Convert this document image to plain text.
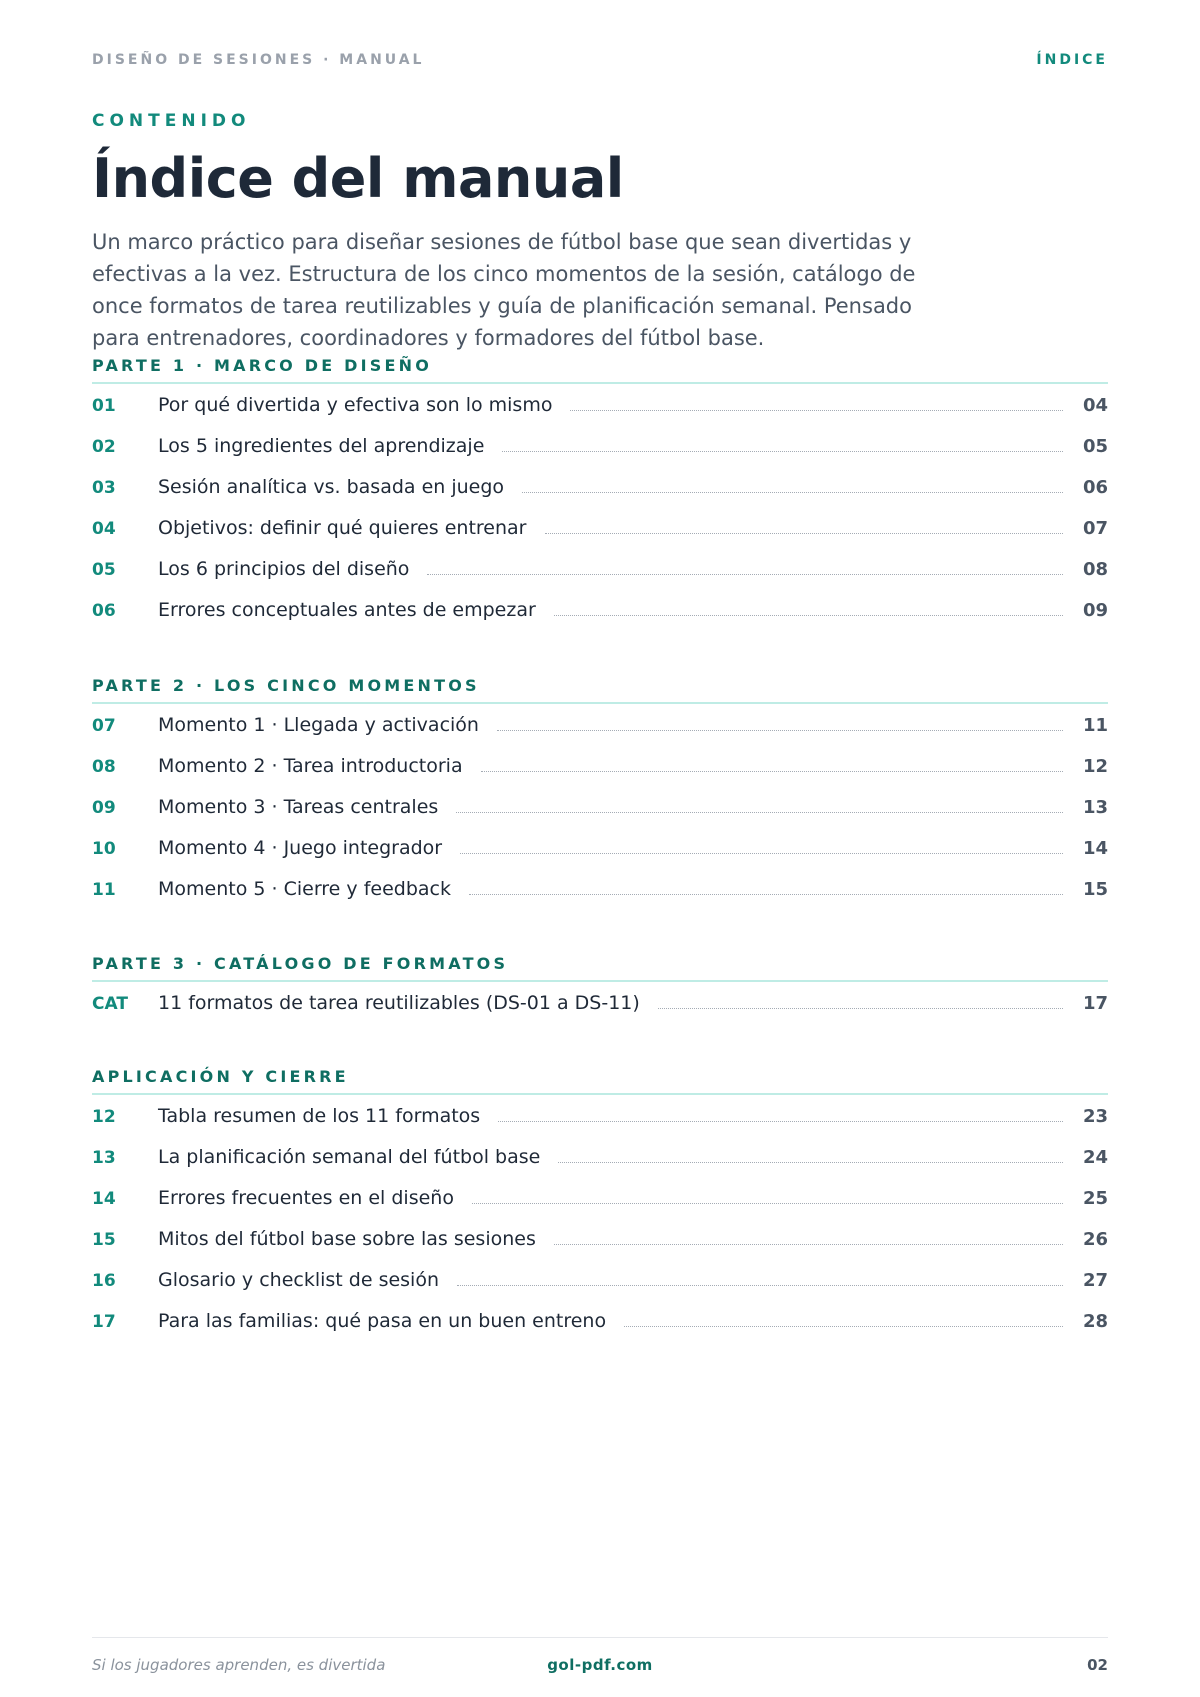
DISEÑO DE SESIONES · MANUAL	ÍNDICE
CONTENIDO
Índice del manual

Un marco práctico para diseñar sesiones de fútbol base que sean divertidas y efectivas a la vez. Estructura de los cinco momentos de la sesión, catálogo de once formatos de tarea reutilizables y guía de planificación semanal. Pensado para entrenadores, coordinadores y formadores del fútbol base.

PARTE 1 · MARCO DE DISEÑO
01	Por qué divertida y efectiva son lo mismo	04
02	Los 5 ingredientes del aprendizaje	05
03	Sesión analítica vs. basada en juego	06
04	Objetivos: definir qué quieres entrenar	07
05	Los 6 principios del diseño	08
06	Errores conceptuales antes de empezar	09
PARTE 2 · LOS CINCO MOMENTOS
07	Momento 1 · Llegada y activación	11
08	Momento 2 · Tarea introductoria	12
09	Momento 3 · Tareas centrales	13
10	Momento 4 · Juego integrador	14
11	Momento 5 · Cierre y feedback	15
PARTE 3 · CATÁLOGO DE FORMATOS
CAT	11 formatos de tarea reutilizables (DS-01 a DS-11)	17
APLICACIÓN Y CIERRE
12	Tabla resumen de los 11 formatos	23
13	La planificación semanal del fútbol base	24
14	Errores frecuentes en el diseño	25
15	Mitos del fútbol base sobre las sesiones	26
16	Glosario y checklist de sesión	27
17	Para las familias: qué pasa en un buen entreno	28
Si los jugadores aprenden, es divertida	gol-pdf.com	02
